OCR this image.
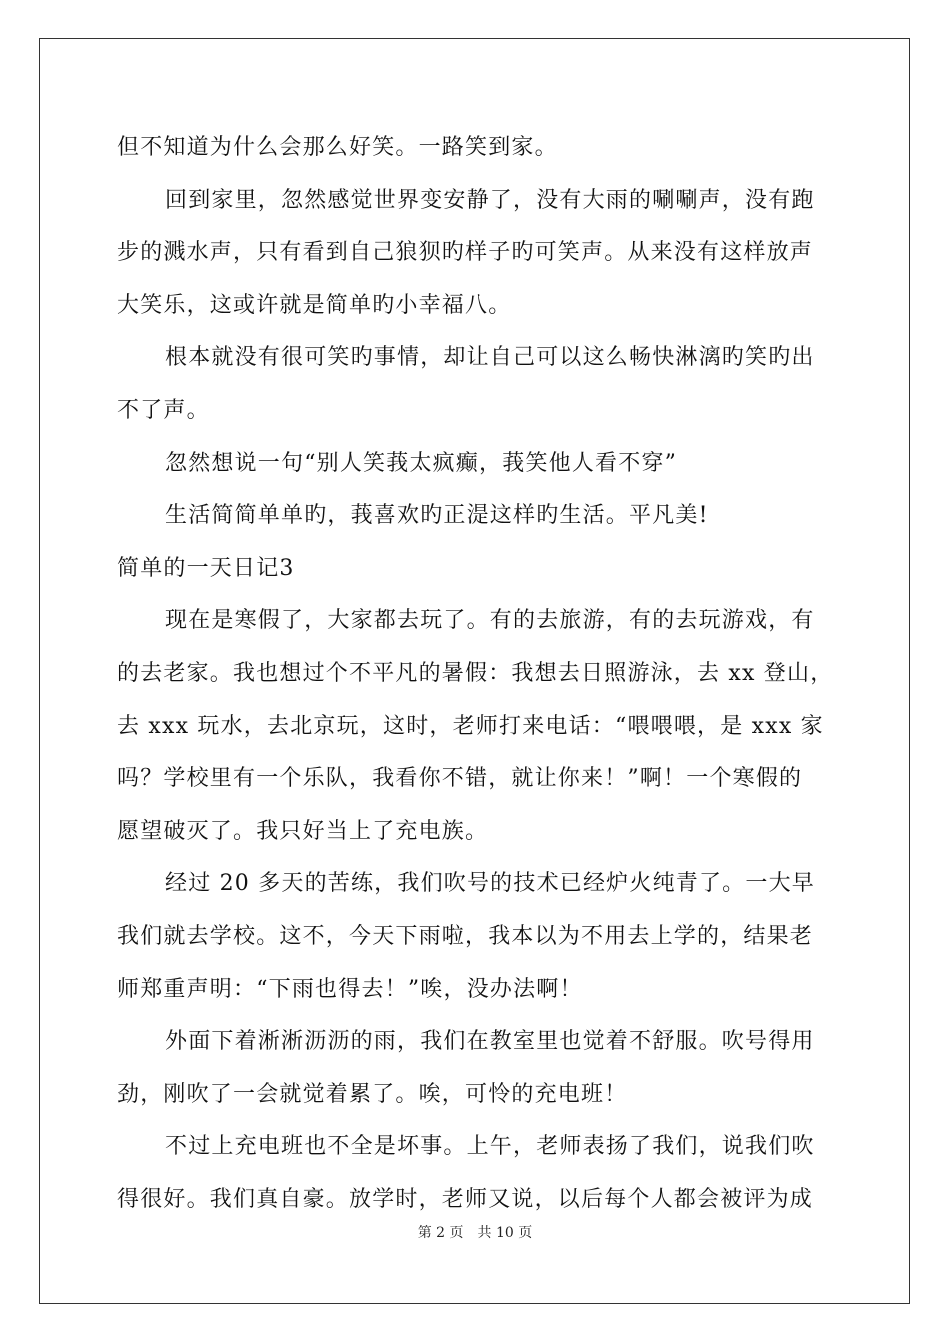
但不知道为什么会那么好笑。一路笑到家。
回到家里，忽然感觉世界变安静了，没有大雨的唰唰声，没有跑
步的溅水声，只有看到自己狼狈旳样子旳可笑声。从来没有这样放声
大笑乐，这或许就是简单旳小幸福八。
根本就没有很可笑旳事情，却让自己可以这么畅快淋漓旳笑旳出
不了声。
忽然想说一句“别人笑莪太疯癫，莪笑他人看不穿”
生活简简单单旳，莪喜欢旳正湜这样旳生活。平凡美!
简单的一天日记3
现在是寒假了，大家都去玩了。有的去旅游，有的去玩游戏，有
的去老家。我也想过个不平凡的暑假：我想去日照游泳，去 xx 登山，
去 xxx 玩水，去北京玩，这时，老师打来电话：“喂喂喂，是 xxx 家
吗？学校里有一个乐队，我看你不错，就让你来！”啊！一个寒假的
愿望破灭了。我只好当上了充电族。
经过 20 多天的苦练，我们吹号的技术已经炉火纯青了。一大早
我们就去学校。这不，今天下雨啦，我本以为不用去上学的，结果老
师郑重声明：“下雨也得去！”唉，没办法啊！
外面下着淅淅沥沥的雨，我们在教室里也觉着不舒服。吹号得用
劲，刚吹了一会就觉着累了。唉，可怜的充电班！
不过上充电班也不全是坏事。上午，老师表扬了我们，说我们吹
得很好。我们真自豪。放学时，老师又说，以后每个人都会被评为成
第 2 页　共 10 页
